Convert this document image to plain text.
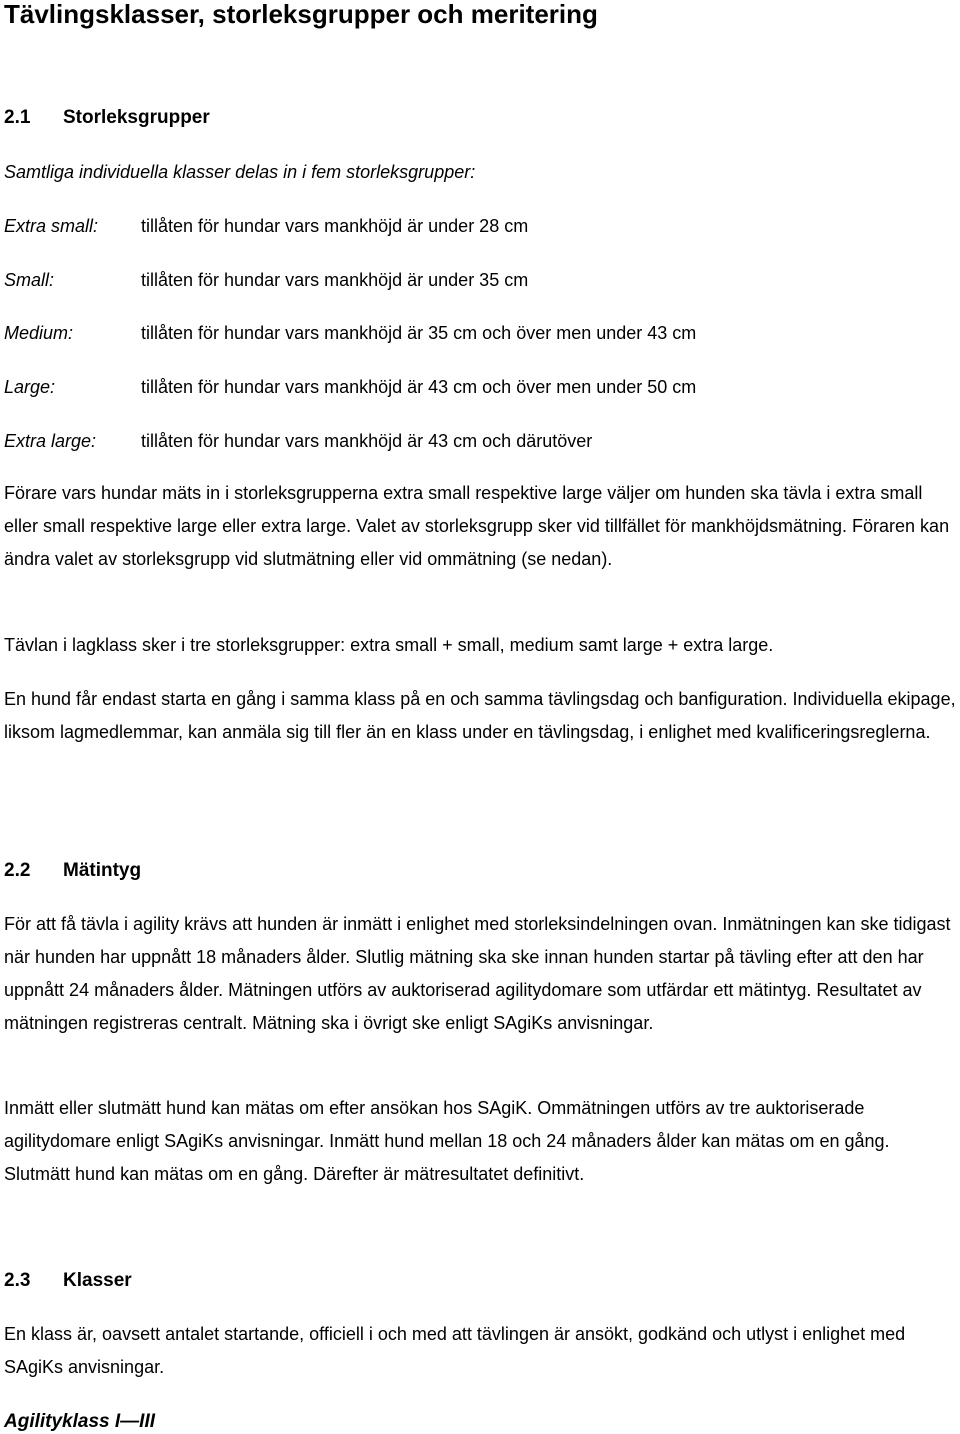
Tävlingsklasser, storleksgrupper och meritering
2.1 Storleksgrupper
Samtliga individuella klasser delas in i fem storleksgrupper:
Extra small: tillåten för hundar vars mankhöjd är under 28 cm
Small:	tillåten för hundar vars mankhöjd är under 35 cm
Medium:	tillåten för hundar vars mankhöjd är 35 cm och över men under 43 cm
Large:	tillåten för hundar vars mankhöjd är 43 cm och över men under 50 cm
Extra large: tillåten för hundar vars mankhöjd är 43 cm och därutöver
Förare vars hundar mäts in i storleksgrupperna extra small respektive large väljer om hunden ska tävla i extra small eller small respektive large eller extra large. Valet av storleksgrupp sker vid tillfället för mankhöjdsmätning. Föraren kan ändra valet av storleksgrupp vid slutmätning eller vid ommätning (se nedan).
Tävlan i lagklass sker i tre storleksgrupper: extra small + small, medium samt large + extra large.
En hund får endast starta en gång i samma klass på en och samma tävlingsdag och banfiguration. Individuella ekipage, liksom lagmedlemmar, kan anmäla sig till fler än en klass under en tävlingsdag, i enlighet med kvalificeringsreglerna.
2.2 Mätintyg
För att få tävla i agility krävs att hunden är inmätt i enlighet med storleksindelningen ovan. Inmätningen kan ske tidigast när hunden har uppnått 18 månaders ålder. Slutlig mätning ska ske innan hunden startar på tävling efter att den har uppnått 24 månaders ålder. Mätningen utförs av auktoriserad agilitydomare som utfärdar ett mätintyg. Resultatet av mätningen registreras centralt. Mätning ska i övrigt ske enligt SAgiKs anvisningar.
Inmätt eller slutmätt hund kan mätas om efter ansökan hos SAgiK. Ommätningen utförs av tre auktoriserade agilitydomare enligt SAgiKs anvisningar. Inmätt hund mellan 18 och 24 månaders ålder kan mätas om en gång. Slutmätt hund kan mätas om en gång. Därefter är mätresultatet definitivt.
2.3 Klasser
En klass är, oavsett antalet startande, officiell i och med att tävlingen är ansökt, godkänd och utlyst i enlighet med SAgiKs anvisningar.
Agilityklass I—III
